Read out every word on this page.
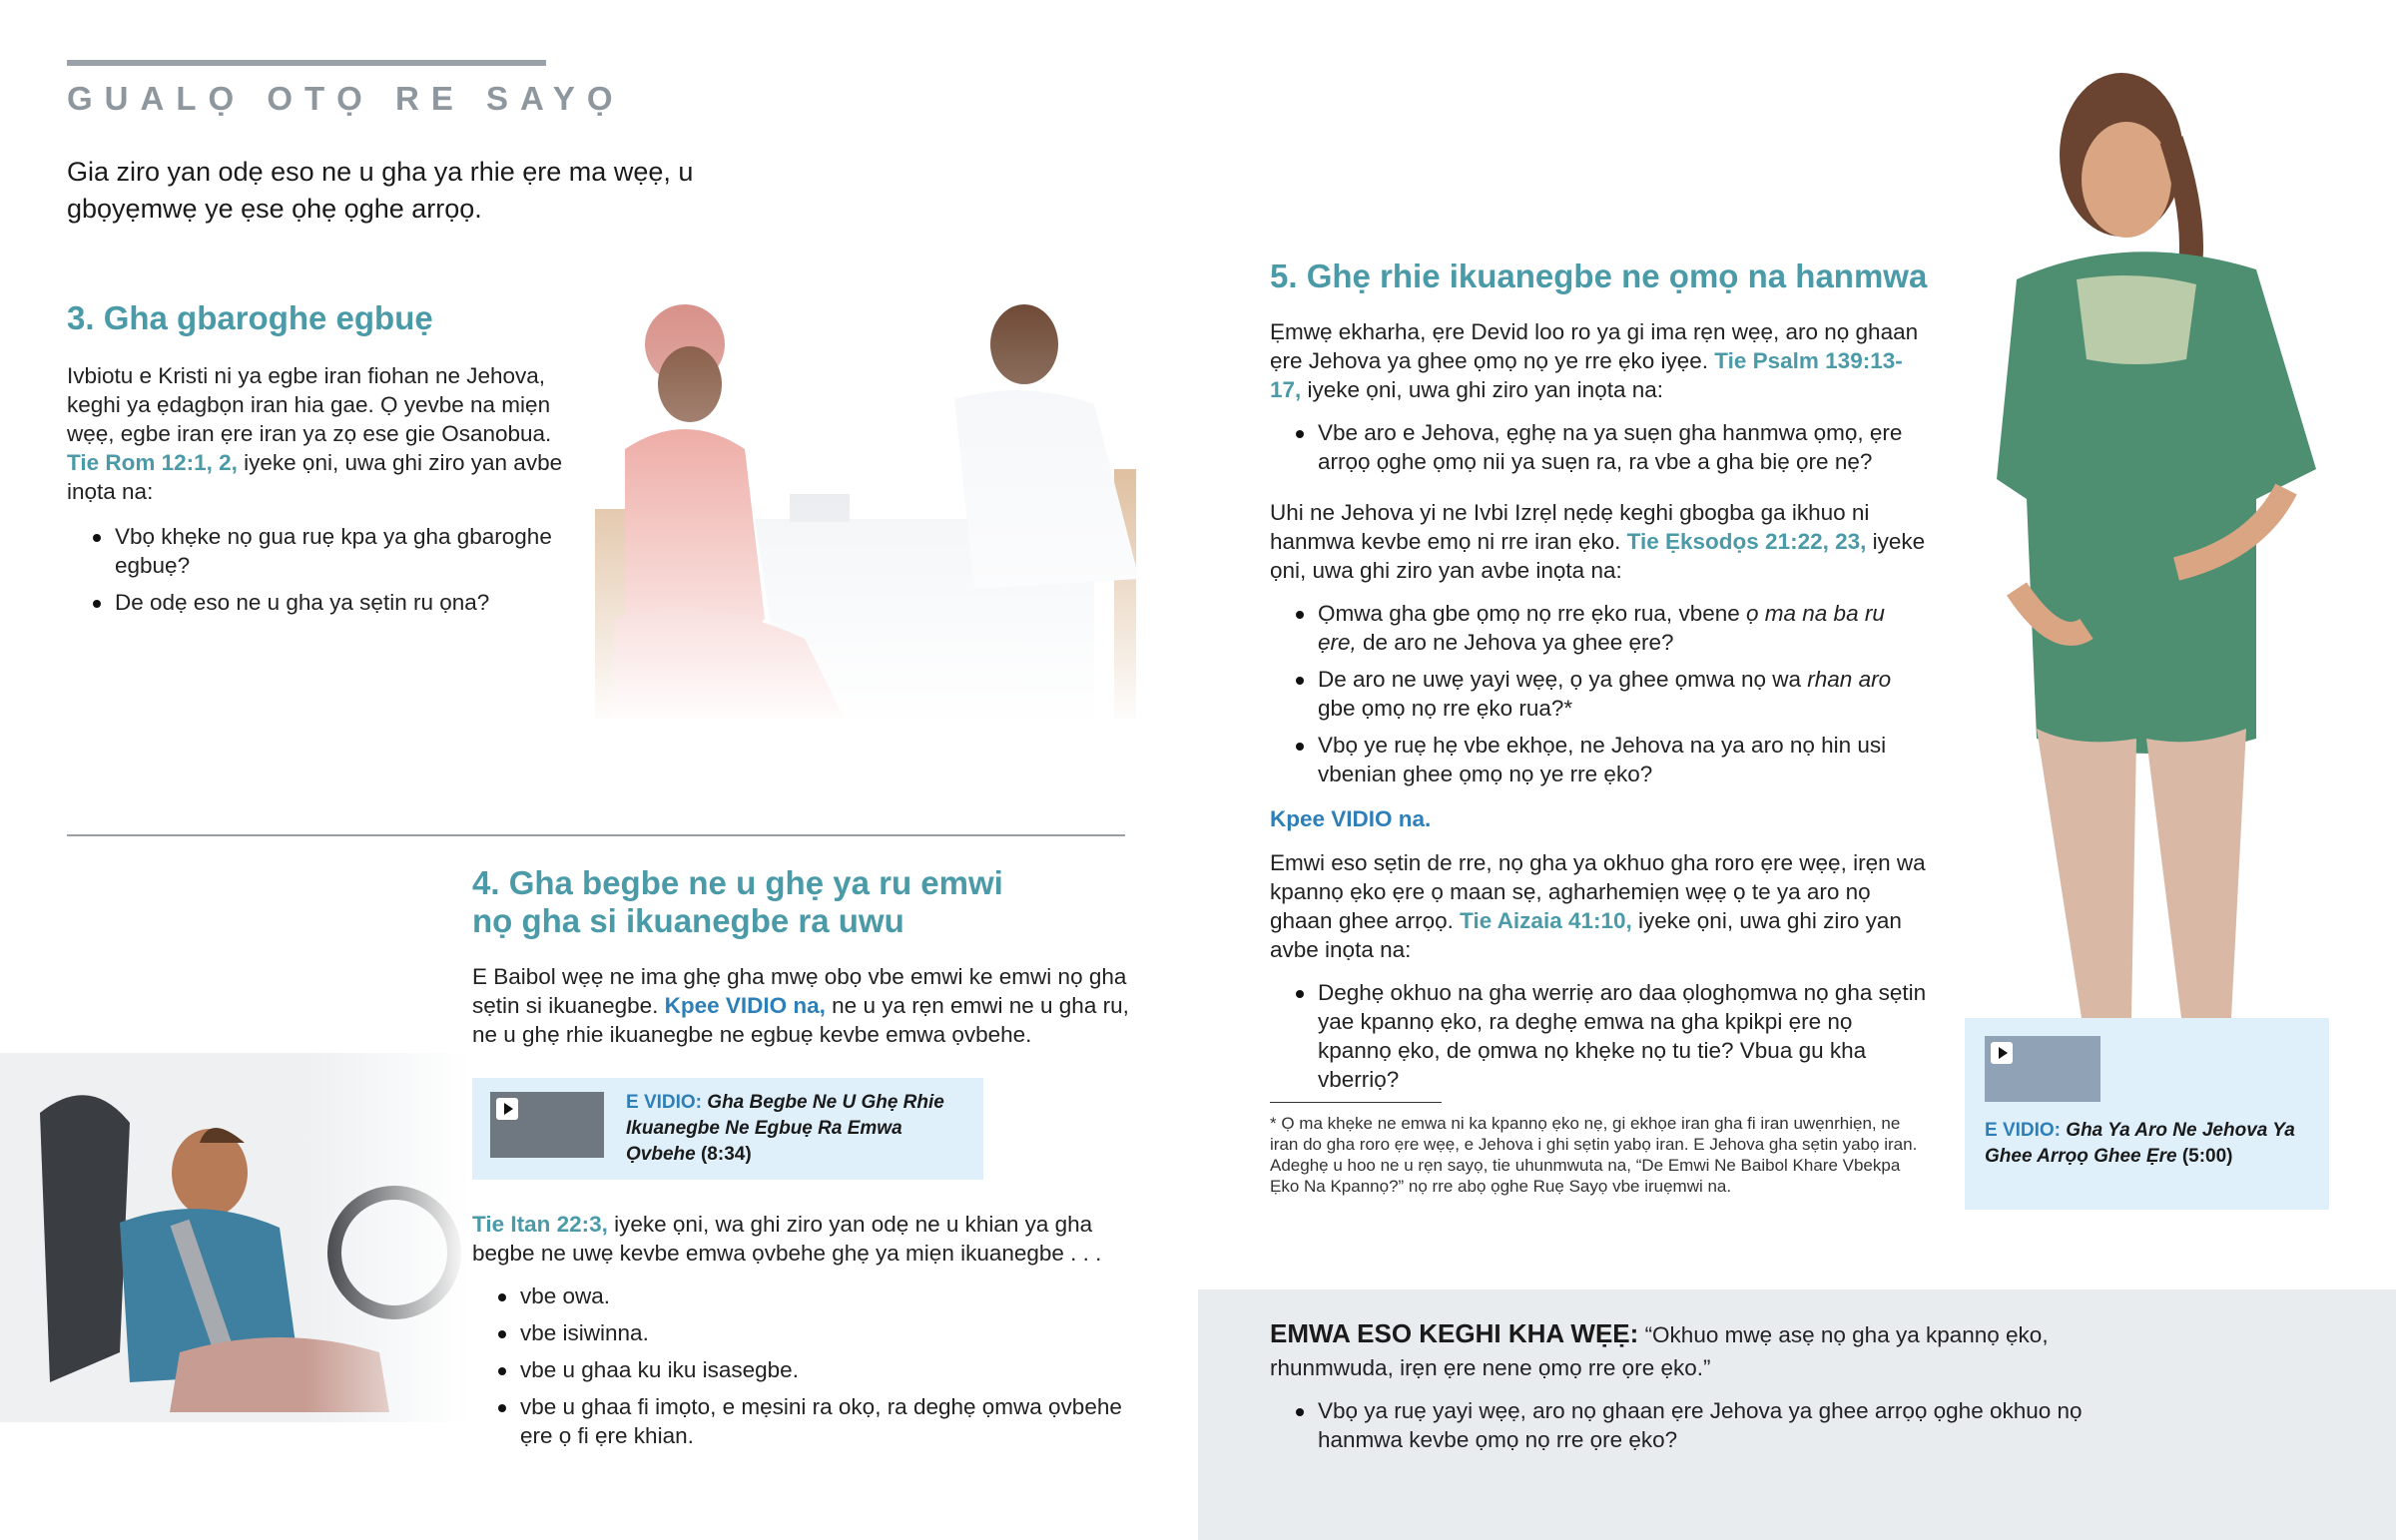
GUALỌ OTỌ RE SAYỌ
Gia ziro yan odẹ eso ne u gha ya rhie ẹre ma wẹẹ, u gbọyẹmwẹ ye ẹse ọhẹ ọghe arrọọ.
3. Gha gbaroghe egbuẹ
Ivbiotu e Kristi ni ya egbe iran fiohan ne Jehova, keghi ya ẹdagbọn iran hia gae. Ọ yevbe na miẹn wẹẹ, egbe iran ẹre iran ya zọ ese gie Osanobua. Tie Rom 12:1, 2, iyeke ọni, uwa ghi ziro yan avbe inọta na:
Vbọ khẹke nọ gua ruẹ kpa ya gha gbaroghe egbuẹ?
De odẹ eso ne u gha ya sẹtin ru ọna?
4. Gha begbe ne u ghẹ ya ru emwi
nọ gha si ikuanegbe ra uwu
E Baibol wẹẹ ne ima ghẹ gha mwẹ obọ vbe emwi ke emwi nọ gha sẹtin si ikuanegbe. Kpee VIDIO na, ne u ya rẹn emwi ne u gha ru, ne u ghẹ rhie ikuanegbe ne egbuẹ kevbe emwa ọvbehe.
E VIDIO: Gha Begbe Ne U Ghẹ Rhie Ikuanegbe Ne Egbuẹ Ra Emwa Ọvbehe (8:34)
Tie Itan 22:3, iyeke ọni, wa ghi ziro yan odẹ ne u khian ya gha begbe ne uwẹ kevbe emwa ọvbehe ghẹ ya miẹn ikuanegbe . . .
vbe owa.
vbe isiwinna.
vbe u ghaa ku iku isasegbe.
vbe u ghaa fi imọto, e mẹsini ra okọ, ra deghẹ ọmwa ọvbehe ẹre ọ fi ẹre khian.
5. Ghẹ rhie ikuanegbe ne ọmọ na hanmwa
Ẹmwẹ ekharha, ẹre Devid loo ro ya gi ima rẹn wẹẹ, aro nọ ghaan ẹre Jehova ya ghee ọmọ nọ ye rre ẹko iyẹe. Tie Psalm 139:13-17, iyeke ọni, uwa ghi ziro yan inọta na:
Vbe aro e Jehova, ẹghẹ na ya suẹn gha hanmwa ọmọ, ẹre arrọọ ọghe ọmọ nii ya suẹn ra, ra vbe a gha biẹ ọre nẹ?
Uhi ne Jehova yi ne Ivbi Izrẹl nẹdẹ keghi gbogba ga ikhuo ni hanmwa kevbe emọ ni rre iran ẹko. Tie Ẹksodọs 21:22, 23, iyeke ọni, uwa ghi ziro yan avbe inọta na:
Ọmwa gha gbe ọmọ nọ rre ẹko rua, vbene ọ ma na ba ru ẹre, de aro ne Jehova ya ghee ẹre?
De aro ne uwẹ yayi wẹẹ, ọ ya ghee ọmwa nọ wa rhan aro gbe ọmọ nọ rre ẹko rua?*
Vbọ ye ruẹ hẹ vbe ekhọe, ne Jehova na ya aro nọ hin usi vbenian ghee ọmọ nọ ye rre ẹko?
Kpee VIDIO na.
Emwi eso sẹtin de rre, nọ gha ya okhuo gha roro ẹre wẹẹ, irẹn wa kpannọ ẹko ẹre ọ maan sẹ, agharhemiẹn wẹẹ ọ te ya aro nọ ghaan ghee arrọọ. Tie Aizaia 41:10, iyeke ọni, uwa ghi ziro yan avbe inọta na:
Deghẹ okhuo na gha werriẹ aro daa ọloghọmwa nọ gha sẹtin yae kpannọ ẹko, ra deghẹ emwa na gha kpikpi ẹre nọ kpannọ ẹko, de ọmwa nọ khẹke nọ tu tie? Vbua gu kha vberriọ?
* Ọ ma khẹke ne emwa ni ka kpannọ ẹko nẹ, gi ekhọe iran gha fi iran uwẹnrhiẹn, ne iran do gha roro ẹre wẹẹ, e Jehova i ghi sẹtin yabọ iran. E Jehova gha sẹtin yabọ iran. Adeghẹ u hoo ne u rẹn sayọ, tie uhunmwuta na, “De Emwi Ne Baibol Khare Vbekpa Ẹko Na Kpannọ?” nọ rre abọ ọghe Ruẹ Sayọ vbe iruẹmwi na.
E VIDIO: Gha Ya Aro Ne Jehova Ya Ghee Arrọọ Ghee Ẹre (5:00)
EMWA ESO KEGHI KHA WẸẸ: “Okhuo mwẹ asẹ nọ gha ya kpannọ ẹko, rhunmwuda, irẹn ẹre nene ọmọ rre ọre ẹko.”
Vbọ ya ruẹ yayi wẹẹ, aro nọ ghaan ẹre Jehova ya ghee arrọọ ọghe okhuo nọ hanmwa kevbe ọmọ nọ rre ọre ẹko?
